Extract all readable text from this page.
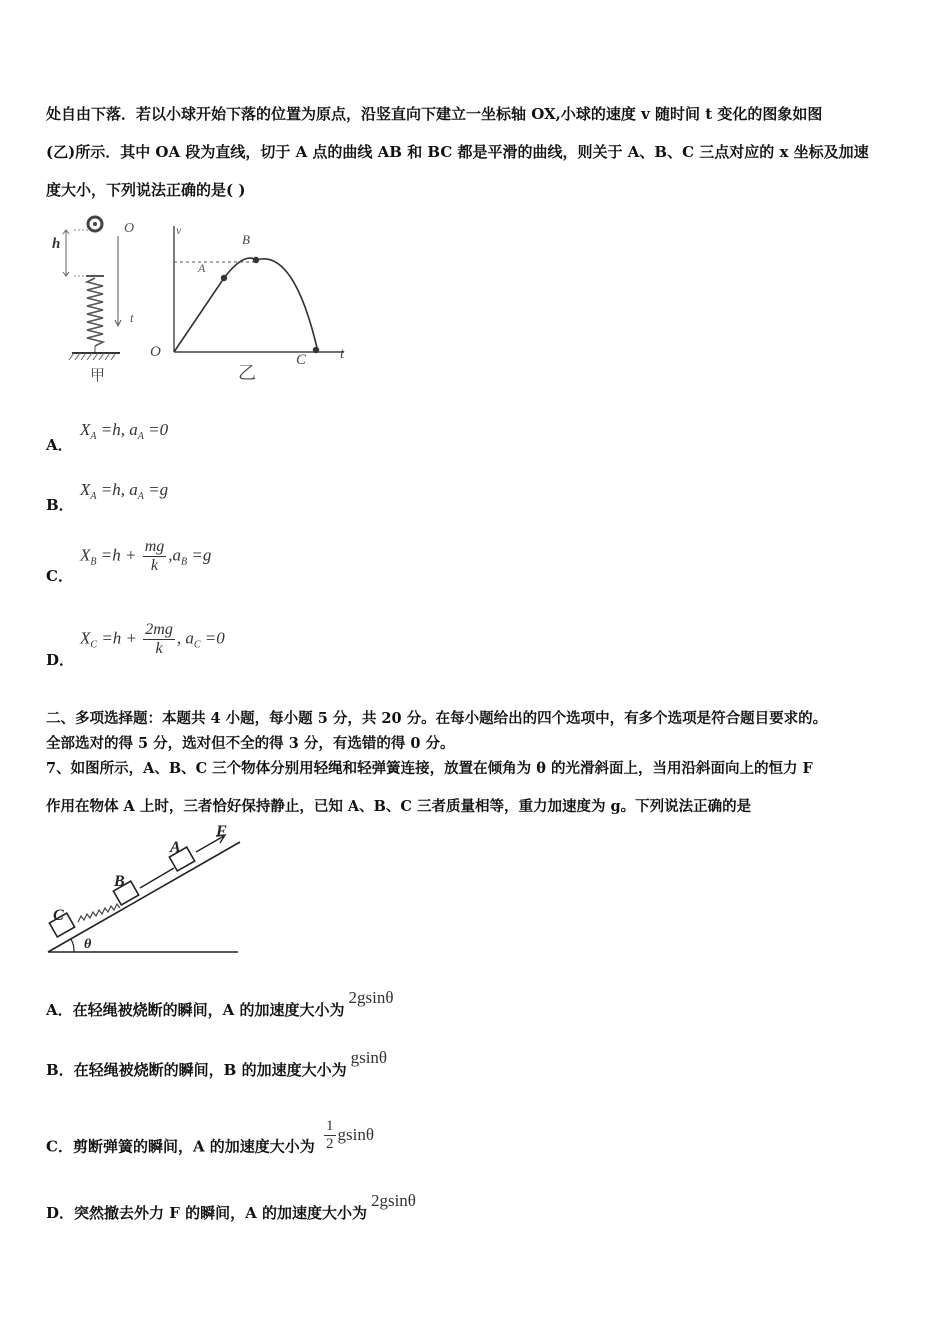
处自由下落．若以小球开始下落的位置为原点，沿竖直向下建立一坐标轴 OX,小球的速度 v 随时间 t 变化的图象如图
(乙)所示．其中 OA 段为直线，切于 A 点的曲线 AB 和 BC 都是平滑的曲线，则关于 A、B、C 三点对应的 x 坐标及加速
度大小，下列说法正确的是( )
h
O
t
甲
v
t
O
B
A
C
乙
A．
$X_A =h$, $a_A =0$
B．
$X_A =h$, $a_A =g$
C．
$X_B =h + \frac{mg}{k} ,a_B =g$
D．
$X_C =h + \frac{2mg}{k}$ , $a_C =0$
二、多项选择题：本题共 4 小题，每小题 5 分，共 20 分。在每小题给出的四个选项中，有多个选项是符合题目要求的。
全部选对的得 5 分，选对但不全的得 3 分，有选错的得 0 分。
7、如图所示，A、B、C 三个物体分别用轻绳和轻弹簧连接，放置在倾角为 θ 的光滑斜面上，当用沿斜面向上的恒力 F
作用在物体 A 上时，三者恰好保持静止，已知 A、B、C 三者质量相等，重力加速度为 g。下列说法正确的是
θ
C
B
A
F
A．在轻绳被烧断的瞬间，A 的加速度大小为2gsinθ
B．在轻绳被烧断的瞬间，B 的加速度大小为gsinθ
C．剪断弹簧的瞬间，A 的加速度大小为 $\frac{1}{2}$ gsinθ
D．突然撤去外力 F 的瞬间，A 的加速度大小为2gsinθ
